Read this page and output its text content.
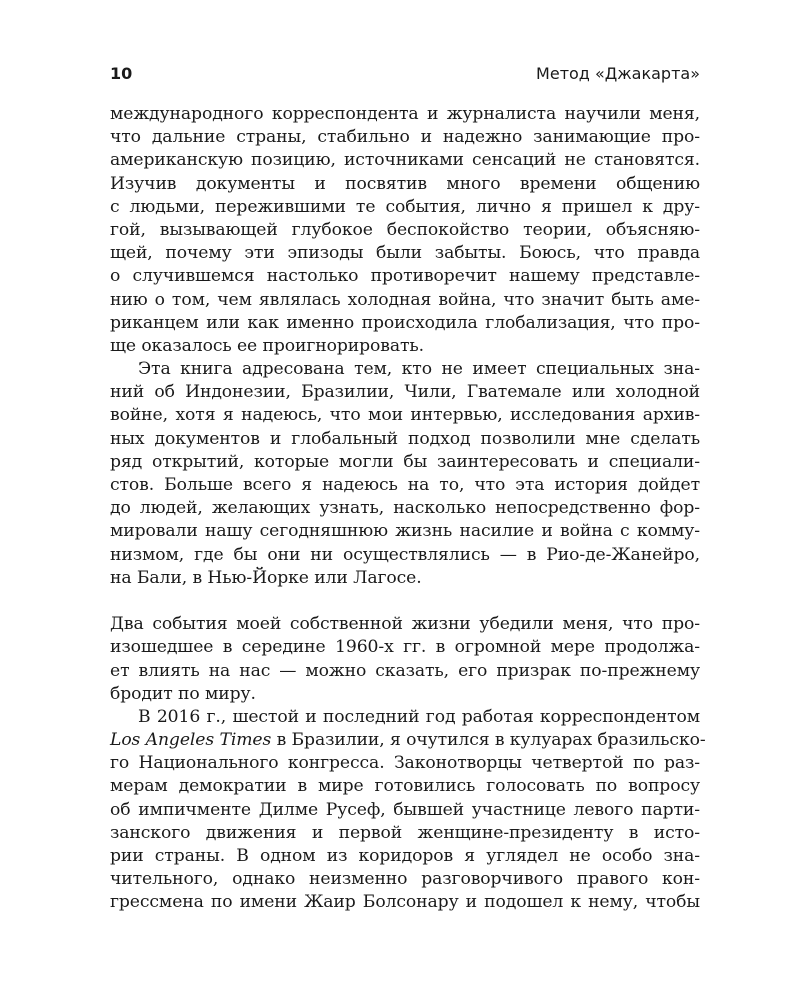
10	Метод «Джакарта»
международного корреспондента и журналиста научили меня,
что дальние страны, стабильно и надежно занимающие про-
американскую позицию, источниками сенсаций не становятся.
Изучив документы и посвятив много времени общению
с людьми, пережившими те события, лично я пришел к дру-
гой, вызывающей глубокое беспокойство теории, объясняю-
щей, почему эти эпизоды были забыты. Боюсь, что правда
о случившемся настолько противоречит нашему представле-
нию о том, чем являлась холодная война, что значит быть аме-
риканцем или как именно происходила глобализация, что про-
ще оказалось ее проигнорировать.
Эта книга адресована тем, кто не имеет специальных зна-
ний об Индонезии, Бразилии, Чили, Гватемале или холодной
войне, хотя я надеюсь, что мои интервью, исследования архив-
ных документов и глобальный подход позволили мне сделать
ряд открытий, которые могли бы заинтересовать и специали-
стов. Больше всего я надеюсь на то, что эта история дойдет
до людей, желающих узнать, насколько непосредственно фор-
мировали нашу сегодняшнюю жизнь насилие и война с комму-
низмом, где бы они ни осуществлялись — в Рио-де-Жанейро,
на Бали, в Нью-Йорке или Лагосе.
Два события моей собственной жизни убедили меня, что про-
изошедшее в середине 1960-х гг. в огромной мере продолжа-
ет влиять на нас — можно сказать, его призрак по-прежнему
бродит по миру.
В 2016 г., шестой и последний год работая корреспондентом
Los Angeles Times в Бразилии, я очутился в кулуарах бразильско-
го Национального конгресса. Законотворцы четвертой по раз-
мерам демократии в мире готовились голосовать по вопросу
об импичменте Дилме Русеф, бывшей участнице левого парти-
занского движения и первой женщине-президенту в исто-
рии страны. В одном из коридоров я углядел не особо зна-
чительного, однако неизменно разговорчивого правого кон-
грессмена по имени Жаир Болсонару и подошел к нему, чтобы
